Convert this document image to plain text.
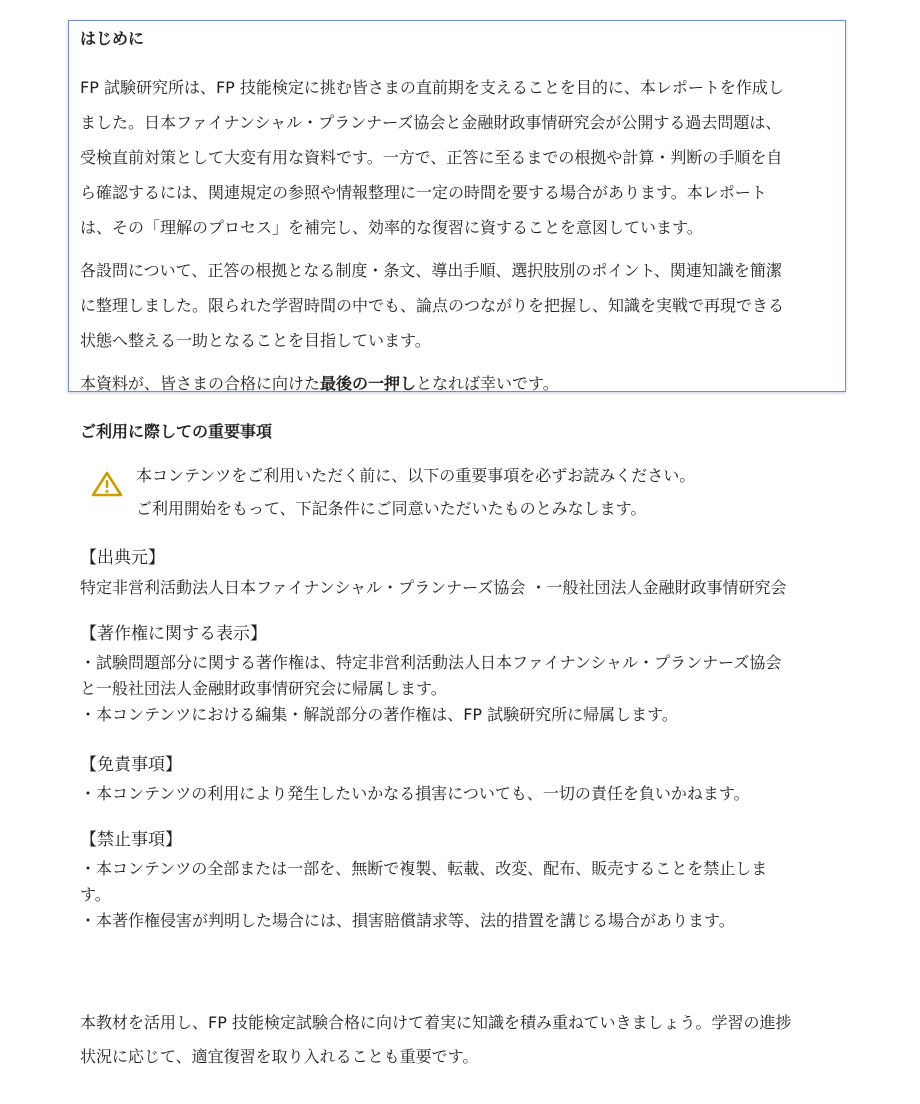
はじめに

FP 試験研究所は、FP 技能検定に挑む皆さまの直前期を支えることを目的に、本レポートを作成し
ました。日本ファイナンシャル・プランナーズ協会と金融財政事情研究会が公開する過去問題は、
受検直前対策として大変有用な資料です。一方で、正答に至るまでの根拠や計算・判断の手順を自
ら確認するには、関連規定の参照や情報整理に一定の時間を要する場合があります。本レポート
は、その「理解のプロセス」を補完し、効率的な復習に資することを意図しています。

各設問について、正答の根拠となる制度・条文、導出手順、選択肢別のポイント、関連知識を簡潔
に整理しました。限られた学習時間の中でも、論点のつながりを把握し、知識を実戦で再現できる
状態へ整える一助となることを目指しています。

本資料が、皆さまの合格に向けた最後の一押しとなれば幸いです。

ご利用に際しての重要事項

本コンテンツをご利用いただく前に、以下の重要事項を必ずお読みください。

ご利用開始をもって、下記条件にご同意いただいたものとみなします。

【出典元】

特定非営利活動法人日本ファイナンシャル・プランナーズ協会 ・一般社団法人金融財政事情研究会

【著作権に関する表示】

・試験問題部分に関する著作権は、特定非営利活動法人日本ファイナンシャル・プランナーズ協会

と一般社団法人金融財政事情研究会に帰属します。

・本コンテンツにおける編集・解説部分の著作権は、FP 試験研究所に帰属します。

【免責事項】

・本コンテンツの利用により発生したいかなる損害についても、一切の責任を負いかねます。

【禁止事項】

・本コンテンツの全部または一部を、無断で複製、転載、改変、配布、販売することを禁止しま

す。

・本著作権侵害が判明した場合には、損害賠償請求等、法的措置を講じる場合があります。

本教材を活用し、FP 技能検定試験合格に向けて着実に知識を積み重ねていきましょう。学習の進捗
状況に応じて、適宜復習を取り入れることも重要です。
